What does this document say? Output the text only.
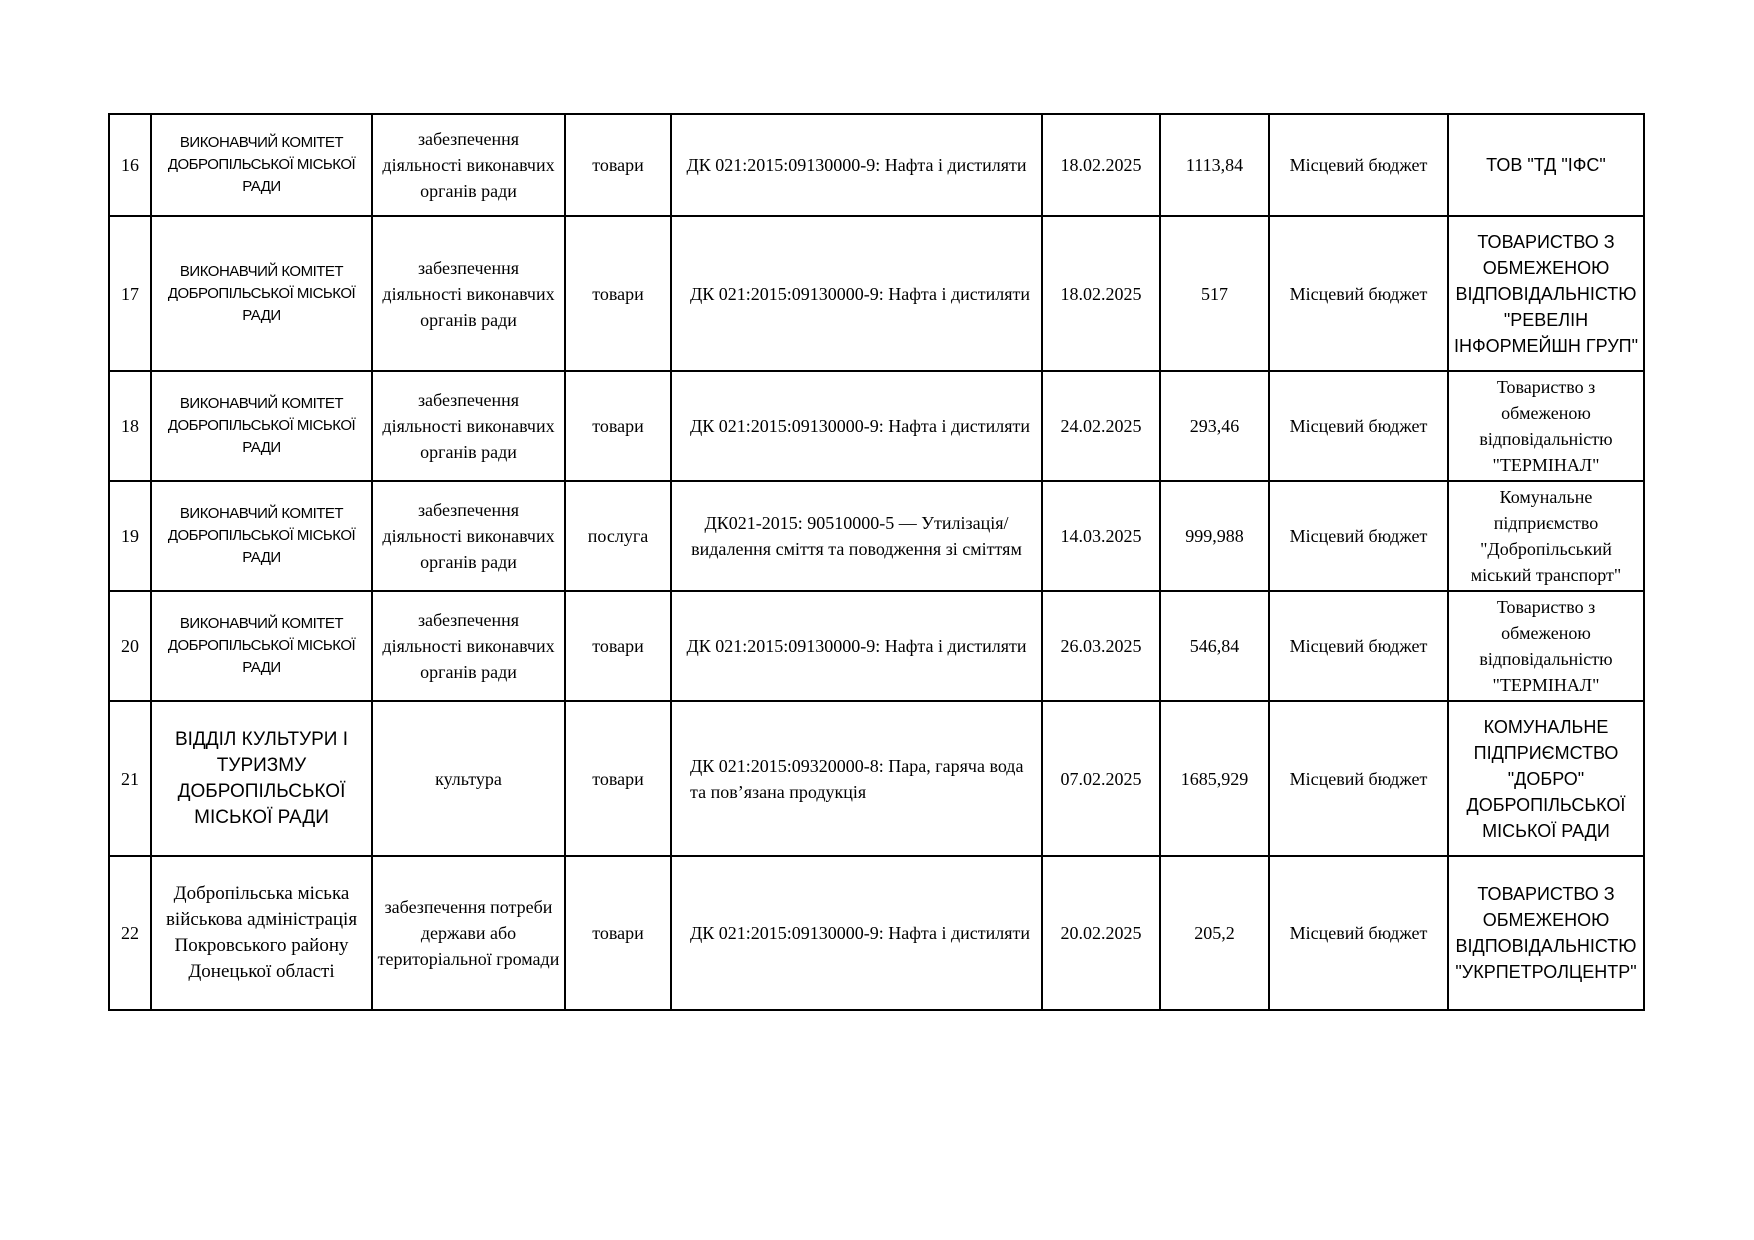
16	ВИКОНАВЧИЙ КОМІТЕТ ДОБРОПІЛЬСЬКОЇ МІСЬКОЇ РАДИ	забезпечення діяльності виконавчих органів ради	товари	ДК 021:2015:09130000-9: Нафта і дистиляти	18.02.2025	1113,84	Місцевий бюджет	ТОВ "ТД "ІФС"
17	ВИКОНАВЧИЙ КОМІТЕТ ДОБРОПІЛЬСЬКОЇ МІСЬКОЇ РАДИ	забезпечення діяльності виконавчих органів ради	товари	ДК 021:2015:09130000-9: Нафта і дистиляти	18.02.2025	517	Місцевий бюджет	ТОВАРИСТВО З ОБМЕЖЕНОЮ ВІДПОВІДАЛЬНІСТЮ "РЕВЕЛІН ІНФОРМЕЙШН ГРУП"
18	ВИКОНАВЧИЙ КОМІТЕТ ДОБРОПІЛЬСЬКОЇ МІСЬКОЇ РАДИ	забезпечення діяльності виконавчих органів ради	товари	ДК 021:2015:09130000-9: Нафта і дистиляти	24.02.2025	293,46	Місцевий бюджет	Товариство з обмеженою відповідальністю "ТЕРМІНАЛ"
19	ВИКОНАВЧИЙ КОМІТЕТ ДОБРОПІЛЬСЬКОЇ МІСЬКОЇ РАДИ	забезпечення діяльності виконавчих органів ради	послуга	ДК021-2015: 90510000-5 — Утилізація/видалення сміття та поводження зі сміттям	14.03.2025	999,988	Місцевий бюджет	Комунальне підприємство "Добропільський міський транспорт"
20	ВИКОНАВЧИЙ КОМІТЕТ ДОБРОПІЛЬСЬКОЇ МІСЬКОЇ РАДИ	забезпечення діяльності виконавчих органів ради	товари	ДК 021:2015:09130000-9: Нафта і дистиляти	26.03.2025	546,84	Місцевий бюджет	Товариство з обмеженою відповідальністю "ТЕРМІНАЛ"
21	ВІДДІЛ КУЛЬТУРИ І ТУРИЗМУ ДОБРОПІЛЬСЬКОЇ МІСЬКОЇ РАДИ	культура	товари	ДК 021:2015:09320000-8: Пара, гаряча вода та пов’язана продукція	07.02.2025	1685,929	Місцевий бюджет	КОМУНАЛЬНЕ ПІДПРИЄМСТВО "ДОБРО" ДОБРОПІЛЬСЬКОЇ МІСЬКОЇ РАДИ
22	Добропільська міська військова адміністрація Покровського району Донецької області	забезпечення потреби держави або територіальної громади	товари	ДК 021:2015:09130000-9: Нафта і дистиляти	20.02.2025	205,2	Місцевий бюджет	ТОВАРИСТВО З ОБМЕЖЕНОЮ ВІДПОВІДАЛЬНІСТЮ "УКРПЕТРОЛЦЕНТР"
